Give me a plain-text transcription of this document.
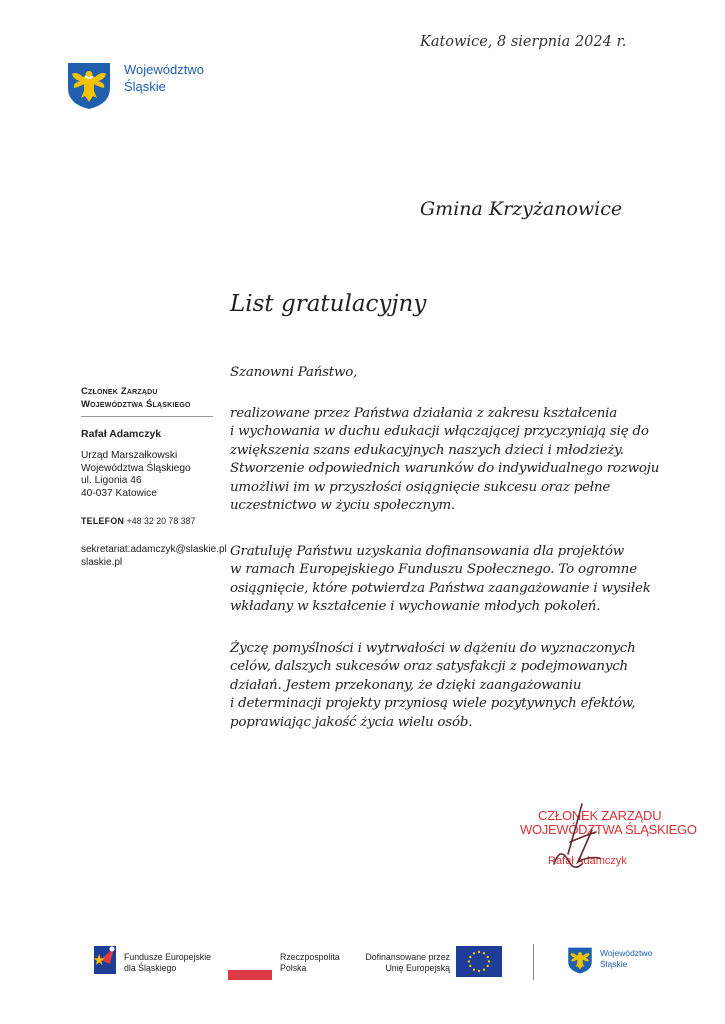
Katowice, 8 sierpnia 2024 r.
Województwo
Śląskie
Gmina Krzyżanowice
List gratulacyjny
Członek Zarządu
Województwa Śląskiego
Rafał Adamczyk
Urząd Marszałkowski
Województwa Śląskiego
ul. Ligonia 46
40-037 Katowice
TELEFON +48 32 20 78 387
sekretariat.adamczyk@slaskie.pl
slaskie.pl
Szanowni Państwo,
realizowane przez Państwa działania z zakresu kształcenia
i wychowania w duchu edukacji włączającej przyczyniają się do
zwiększenia szans edukacyjnych naszych dzieci i młodzieży.
Stworzenie odpowiednich warunków do indywidualnego rozwoju
umożliwi im w przyszłości osiągnięcie sukcesu oraz pełne
uczestnictwo w życiu społecznym.
Gratuluję Państwu uzyskania dofinansowania dla projektów
w ramach Europejskiego Funduszu Społecznego. To ogromne
osiągnięcie, które potwierdza Państwa zaangażowanie i wysiłek
wkładany w kształcenie i wychowanie młodych pokoleń.
Życzę pomyślności i wytrwałości w dążeniu do wyznaczonych
celów, dalszych sukcesów oraz satysfakcji z podejmowanych
działań. Jestem przekonany, że dzięki zaangażowaniu
i determinacji projekty przyniosą wiele pozytywnych efektów,
poprawiając jakość życia wielu osób.
CZŁONEK ZARZĄDU
WOJEWÓDZTWA ŚLĄSKIEGO
Rafał Adamczyk
Fundusze Europejskie
dla Śląskiego
Rzeczpospolita
Polska
Dofinansowane przez
Unię Europejską
Województwo
Śląskie
